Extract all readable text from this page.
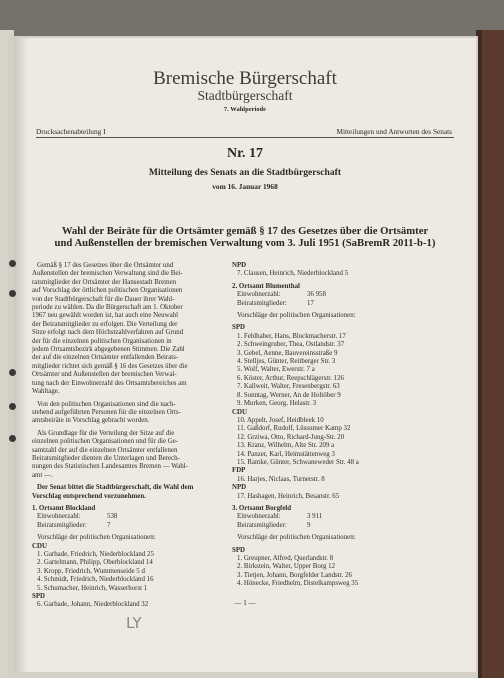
Bremische Bürgerschaft
Stadtbürgerschaft
7. Wahlperiode
Drucksachenabteilung I	Mitteilungen und Antworten des Senats
Nr. 17
Mitteilung des Senats an die Stadtbürgerschaft
vom 16. Januar 1968
Wahl der Beiräte für die Ortsämter gemäß § 17 des Gesetzes über die Ortsämter
und Außenstellen der bremischen Verwaltung vom 3. Juli 1951 (SaBremR 2011-b-1)

Gemäß § 17 des Gesetzes über die Ortsämter und

Außenstellen der bremischen Verwaltung sind die Bei-

ratsmitglieder der Ortsämter der Hansestadt Bremen

auf Vorschlag der örtlichen politischen Organisationen

von der Stadtbürgerschaft für die Dauer ihrer Wahl-

periode zu wählen. Da die Bürgerschaft am 1. Oktober

1967 neu gewählt worden ist, hat auch eine Neuwahl

der Beiratsmitglieder zu erfolgen. Die Verteilung der

Sitze erfolgt nach dem Höchstzahlverfahren auf Grund

der für die einzelnen politischen Organisationen in

jedem Ortsamtsbezirk abgegebenen Stimmen. Die Zahl

der auf die einzelnen Ortsämter entfallenden Beirats-

mitglieder richtet sich gemäß § 16 des Gesetzes über die

Ortsämter und Außenstellen der bremischen Verwal-

tung nach der Einwohnerzahl des Ortsamtsbereiches am

Wahltage.

Von den politischen Organisationen sind die nach-

stehend aufgeführten Personen für die einzelnen Orts-

amtsbeiräte in Vorschlag gebracht worden.

Als Grundlage für die Verteilung der Sitze auf die

einzelnen politischen Organisationen und für die Ge-

samtzahl der auf die einzelnen Ortsämter entfallenen

Beiratsmitglieder dienten die Unterlagen und Berech-

nungen des Statistischen Landesamtes Bremen — Wahl-

amt —.

Der Senat bittet die Stadtbürgerschaft, die Wahl dem

Vorschlag entsprechend vorzunehmen.

1. Ortsamt Blockland

Einwohnerzahl:	538

Beiratsmitglieder:	7

Vorschläge der politischen Organisationen:

CDU

1. Garbade, Friedrich, Niederblockland 25

2. Gartelmann, Philipp, Oberblockland 14

3. Kropp, Friedrich, Wummenseide 5 d

4. Schmidt, Friedrich, Niederblockland 16

5. Schumacher, Heinrich, Wasserhorst 1

SPD

6. Garbade, Johann, Niederblockland 32

NPD

7. Clausen, Heinrich, Niederblockland 5

2. Ortsamt Blumenthal

Einwohnerzahl:	36 958

Beiratsmitglieder:	17

Vorschläge der politischen Organisationen:

SPD

1. Fehlhaber, Hans, Blockmacherstr. 17

2. Schweingruber, Thea, Ostlandstr. 37

3. Gebel, Aenne, Bauvereinsstraße 9

4. Stelljes, Günter, Reitberger Str. 3

5. Wolf, Walter, Ewerstr. 7 a

6. Köster, Arthur, Reepschlägerstr. 126

7. Kallweit, Walter, Fresenbergstr. 63

8. Sonntag, Werner, An de Holtöber 9

9. Murken, Georg, Helastr. 3

CDU

10. Appelt, Josef, Heidbleek 10

11. Gaßdorf, Rudolf, Lüssumer Kamp 32

12. Grziwa, Otto, Richard-Jung-Str. 20

13. Kranz, Wilhelm, Alte Str. 209 a

14. Panzer, Karl, Heimstättenweg 3

15. Ramke, Günter, Schwaneweder Str. 48 a

FDP

16. Harjes, Niclaas, Turnerstr. 8

NPD

17. Hashagen, Heinrich, Besanstr. 65

3. Ortsamt Borgfeld

Einwohnerzahl:	3 911

Beiratsmitglieder:	9

Vorschläge der politischen Organisationen:

SPD

1. Greupner, Alfred, Querlandstr. 8

2. Birkstein, Walter, Upper Borg 12

3. Tietjen, Johann, Borgfelder Landstr. 26

4. Hönecke, Friedhelm, Distelkampsweg 35

— 1 —
LY
